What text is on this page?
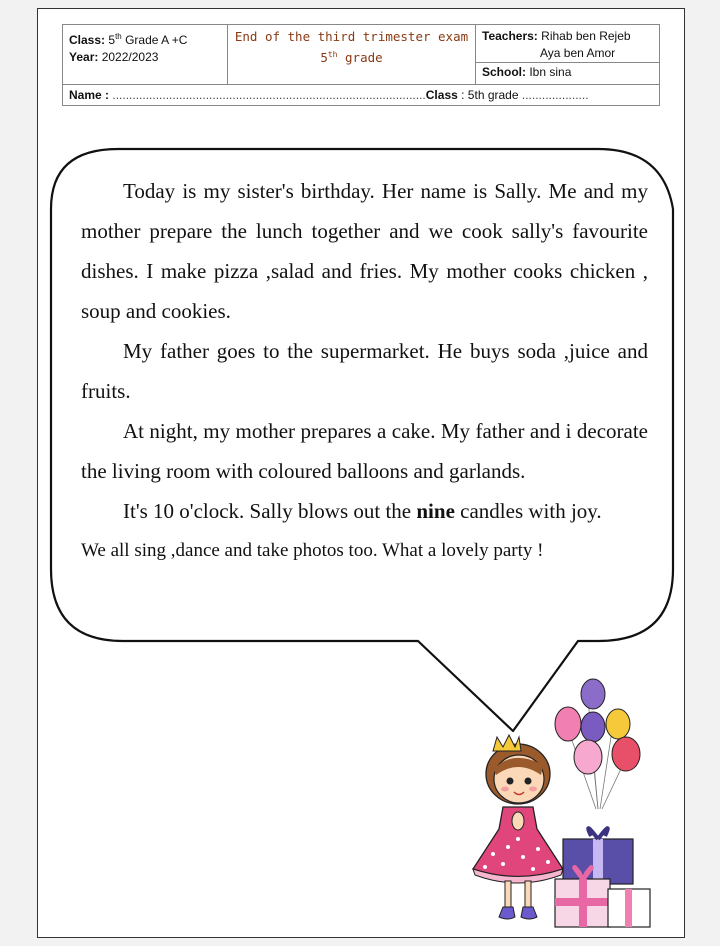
Class: 5th Grade A +C
Year: 2022/2023

End of the third trimester exam
5th grade

Teachers: Rihab ben Rejeb
Aya ben Amor
School: Ibn sina

Name : ..............................................................................................Class : 5th grade ....................

Today is my sister's birthday. Her name is Sally. Me and my mother prepare the lunch together and we cook sally's favourite dishes. I make pizza ,salad and fries. My mother cooks chicken , soup and cookies.

My father goes to the supermarket. He buys soda ,juice and fruits.

At night, my mother prepares a cake. My father and i decorate the living room with coloured balloons and garlands.

It's 10 o'clock. Sally blows out the nine candles with joy.

We all sing ,dance and take photos too. What a lovely party !
